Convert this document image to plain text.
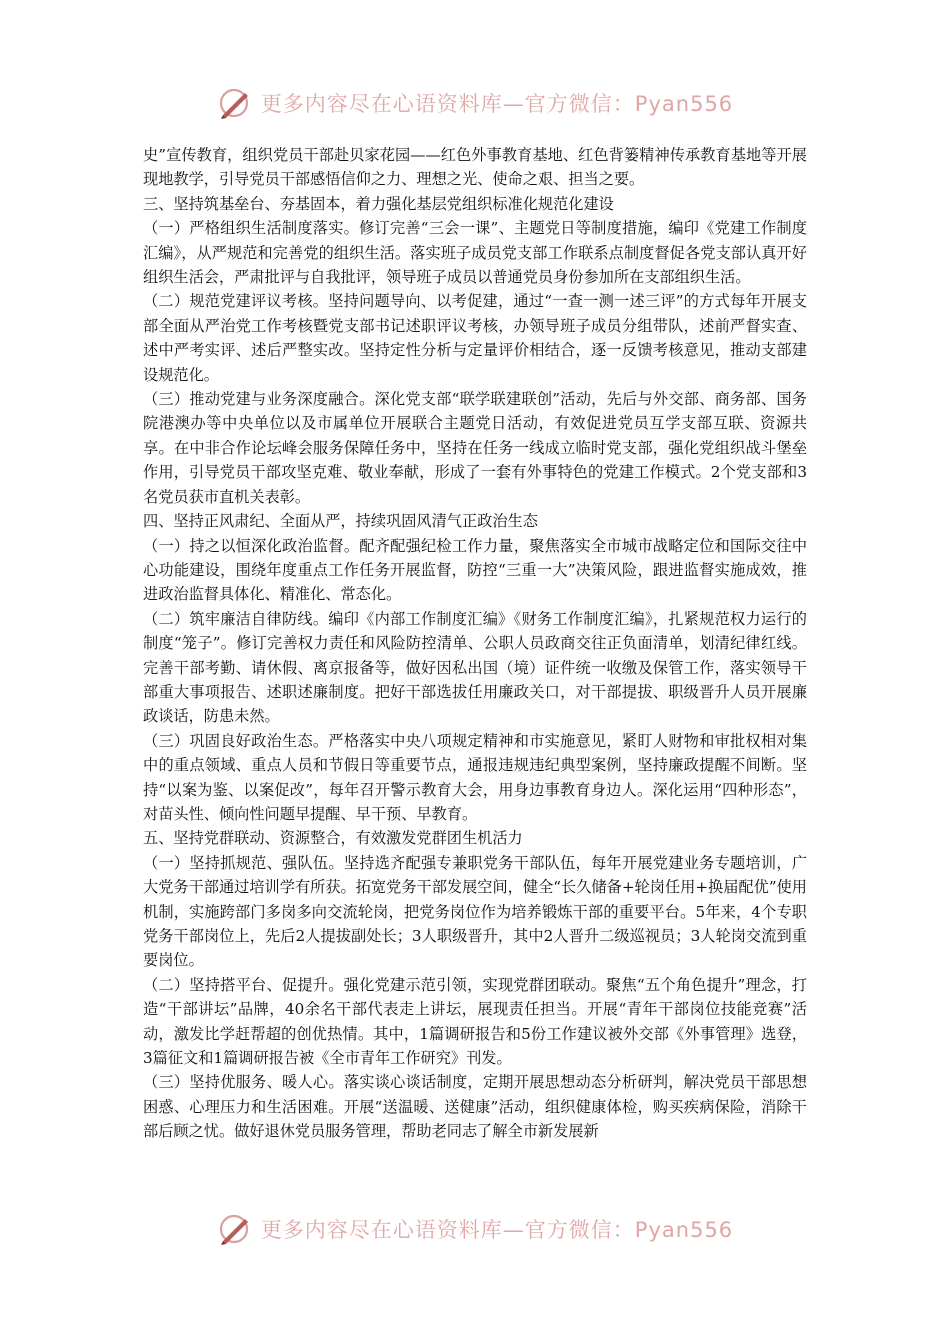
更多内容尽在心语资料库—官方微信：Pyan556

史”宣传教育，组织党员干部赴贝家花园——红色外事教育基地、红色背篓精神传承教育基地等开展现地教学，引导党员干部感悟信仰之力、理想之光、使命之艰、担当之要。

三、坚持筑基垒台、夯基固本，着力强化基层党组织标准化规范化建设

（一）严格组织生活制度落实。修订完善“三会一课”、主题党日等制度措施，编印《党建工作制度汇编》，从严规范和完善党的组织生活。落实班子成员党支部工作联系点制度督促各党支部认真开好组织生活会，严肃批评与自我批评，领导班子成员以普通党员身份参加所在支部组织生活。

（二）规范党建评议考核。坚持问题导向、以考促建，通过“一查一测一述三评”的方式每年开展支部全面从严治党工作考核暨党支部书记述职评议考核，办领导班子成员分组带队，述前严督实查、述中严考实评、述后严整实改。坚持定性分析与定量评价相结合，逐一反馈考核意见，推动支部建设规范化。

（三）推动党建与业务深度融合。深化党支部“联学联建联创”活动，先后与外交部、商务部、国务院港澳办等中央单位以及市属单位开展联合主题党日活动，有效促进党员互学支部互联、资源共享。在中非合作论坛峰会服务保障任务中，坚持在任务一线成立临时党支部，强化党组织战斗堡垒作用，引导党员干部攻坚克难、敬业奉献，形成了一套有外事特色的党建工作模式。2个党支部和3名党员获市直机关表彰。

四、坚持正风肃纪、全面从严，持续巩固风清气正政治生态

（一）持之以恒深化政治监督。配齐配强纪检工作力量，聚焦落实全市城市战略定位和国际交往中心功能建设，围绕年度重点工作任务开展监督，防控“三重一大”决策风险，跟进监督实施成效，推进政治监督具体化、精准化、常态化。

（二）筑牢廉洁自律防线。编印《内部工作制度汇编》《财务工作制度汇编》，扎紧规范权力运行的制度“笼子”。修订完善权力责任和风险防控清单、公职人员政商交往正负面清单，划清纪律红线。完善干部考勤、请休假、离京报备等，做好因私出国（境）证件统一收缴及保管工作，落实领导干部重大事项报告、述职述廉制度。把好干部选拔任用廉政关口，对干部提拔、职级晋升人员开展廉政谈话，防患未然。

（三）巩固良好政治生态。严格落实中央八项规定精神和市实施意见，紧盯人财物和审批权相对集中的重点领域、重点人员和节假日等重要节点，通报违规违纪典型案例，坚持廉政提醒不间断。坚持“以案为鉴、以案促改”，每年召开警示教育大会，用身边事教育身边人。深化运用“四种形态”，对苗头性、倾向性问题早提醒、早干预、早教育。

五、坚持党群联动、资源整合，有效激发党群团生机活力

（一）坚持抓规范、强队伍。坚持选齐配强专兼职党务干部队伍，每年开展党建业务专题培训，广大党务干部通过培训学有所获。拓宽党务干部发展空间，健全“长久储备+轮岗任用+换届配优”使用机制，实施跨部门多岗多向交流轮岗，把党务岗位作为培养锻炼干部的重要平台。5年来，4个专职党务干部岗位上，先后2人提拔副处长；3人职级晋升，其中2人晋升二级巡视员；3人轮岗交流到重要岗位。

（二）坚持搭平台、促提升。强化党建示范引领，实现党群团联动。聚焦“五个角色提升”理念，打造“干部讲坛”品牌，40余名干部代表走上讲坛，展现责任担当。开展“青年干部岗位技能竞赛”活动，激发比学赶帮超的创优热情。其中，1篇调研报告和5份工作建议被外交部《外事管理》选登，3篇征文和1篇调研报告被《全市青年工作研究》刊发。

（三）坚持优服务、暖人心。落实谈心谈话制度，定期开展思想动态分析研判，解决党员干部思想困惑、心理压力和生活困难。开展“送温暖、送健康”活动，组织健康体检，购买疾病保险，消除干部后顾之忧。做好退休党员服务管理，帮助老同志了解全市新发展新

更多内容尽在心语资料库—官方微信：Pyan556
